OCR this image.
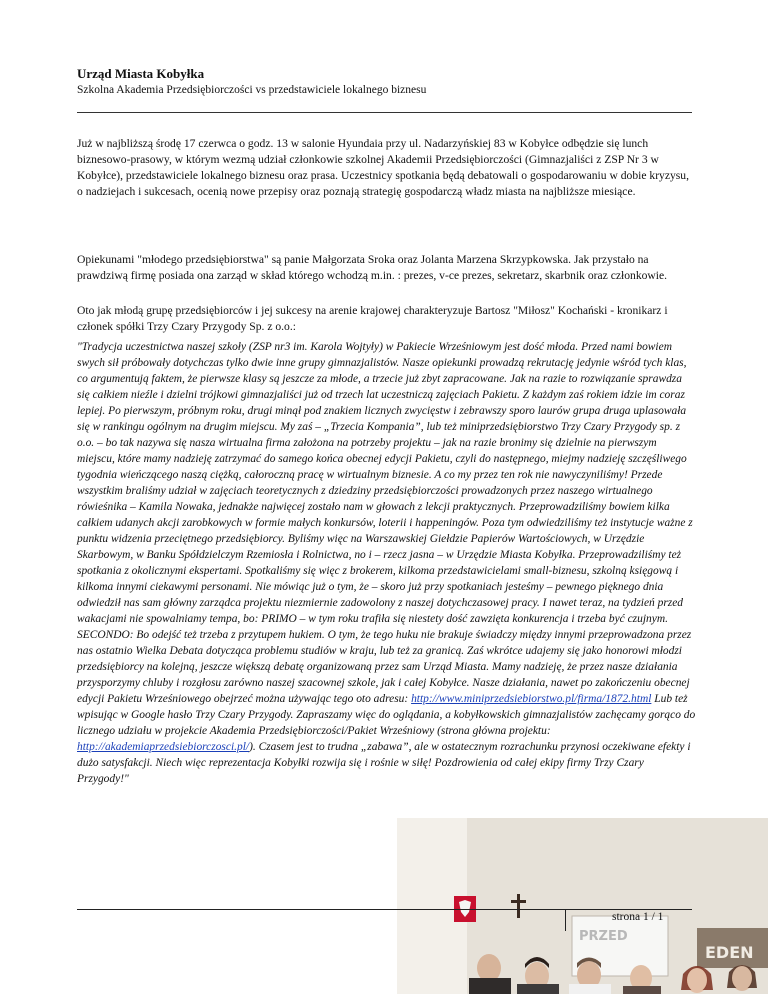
Urząd Miasta Kobyłka
Szkolna Akademia Przedsiębiorczości vs przedstawiciele lokalnego biznesu

Już w najbliższą środę 17 czerwca o godz. 13 w salonie Hyundaia przy ul. Nadarzyńskiej 83 w Kobyłce odbędzie się lunch biznesowo-prasowy, w którym wezmą udział członkowie szkolnej Akademii Przedsiębiorczości (Gimnazjaliści z ZSP Nr 3 w Kobyłce), przedstawiciele lokalnego biznesu oraz prasa. Uczestnicy spotkania będą debatowali o gospodarowaniu w dobie kryzysu, o nadziejach i sukcesach, ocenią nowe przepisy oraz poznają strategię gospodarczą władz miasta na najbliższe miesiące.

Opiekunami "młodego przedsiębiorstwa" są panie Małgorzata Sroka oraz Jolanta Marzena Skrzypkowska. Jak przystało na prawdziwą firmę posiada ona zarząd w skład którego wchodzą m.in. : prezes, v-ce prezes, sekretarz, skarbnik oraz członkowie.

Oto jak młodą grupę przedsiębiorców i jej sukcesy na arenie krajowej charakteryzuje Bartosz "Miłosz" Kochański - kronikarz i członek spółki Trzy Czary Przygody Sp. z o.o.:

"Tradycja uczestnictwa naszej szkoły (ZSP nr3 im. Karola Wojtyły) w Pakiecie Wrześniowym jest dość młoda. Przed nami bowiem swych sił próbowały dotychczas tylko dwie inne grupy gimnazjalistów. Nasze opiekunki prowadzą rekrutację jedynie wśród tych klas, co argumentują faktem, że pierwsze klasy są jeszcze za młode, a trzecie już zbyt zapracowane. Jak na razie to rozwiązanie sprawdza się całkiem nieźle i dzielni trójkowi gimnazjaliści już od trzech lat uczestniczą zajęciach Pakietu. Z każdym zaś rokiem idzie im coraz lepiej. Po pierwszym, próbnym roku, drugi minął pod znakiem licznych zwycięstw i zebrawszy sporo laurów grupa druga uplasowała się w rankingu ogólnym na drugim miejscu. My zaś – „Trzecia Kompania”, lub też miniprzedsiębiorstwo Trzy Czary Przygody sp. z o.o. – bo tak nazywa się nasza wirtualna firma założona na potrzeby projektu – jak na razie bronimy się dzielnie na pierwszym miejscu, które mamy nadzieję zatrzymać do samego końca obecnej edycji Pakietu, czyli do następnego, miejmy nadzieję szczęśliwego tygodnia wieńczącego naszą ciężką, całoroczną pracę w wirtualnym biznesie. A co my przez ten rok nie nawyczyniliśmy! Przede wszystkim braliśmy udział w zajęciach teoretycznych z dziedziny przedsiębiorczości prowadzonych przez naszego wirtualnego rówieśnika – Kamila Nowaka, jednakże najwięcej zostało nam w głowach z lekcji praktycznych. Przeprowadziliśmy bowiem kilka całkiem udanych akcji zarobkowych w formie małych konkursów, loterii i happeningów. Poza tym odwiedziliśmy też instytucje ważne z punktu widzenia przeciętnego przedsiębiorcy. Byliśmy więc na Warszawskiej Giełdzie Papierów Wartościowych, w Urzędzie Skarbowym, w Banku Spółdzielczym Rzemiosła i Rolnictwa, no i – rzecz jasna – w Urzędzie Miasta Kobyłka. Przeprowadziliśmy też spotkania z okolicznymi ekspertami. Spotkaliśmy się więc z brokerem, kilkoma przedstawicielami small-biznesu, szkolną księgową i kilkoma innymi ciekawymi personami. Nie mówiąc już o tym, że – skoro już przy spotkaniach jesteśmy – pewnego pięknego dnia odwiedził nas sam główny zarządca projektu niezmiernie zadowolony z naszej dotychczasowej pracy. I nawet teraz, na tydzień przed wakacjami nie spowalniamy tempa, bo: PRIMO – w tym roku trafiła się niestety dość zawzięta konkurencja i trzeba być czujnym. SECONDO: Bo odejść też trzeba z przytupem hukiem. O tym, że tego huku nie brakuje świadczy między innymi przeprowadzona przez nas ostatnio Wielka Debata dotycząca problemu studiów w kraju, lub też za granicą. Zaś wkrótce udajemy się jako honorowi młodzi przedsiębiorcy na kolejną, jeszcze większą debatę organizowaną przez sam Urząd Miasta. Mamy nadzieję, że przez nasze działania przysporzymy chluby i rozgłosu zarówno naszej szacownej szkole, jak i całej Kobyłce. Nasze działania, nawet po zakończeniu obecnej edycji Pakietu Wrześniowego obejrzeć można używając tego oto adresu: http://www.miniprzedsiebiorstwo.pl/firma/1872.html Lub też wpisując w Google hasło Trzy Czary Przygody. Zapraszamy więc do oglądania, a kobyłkowskich gimnazjalistów zachęcamy gorąco do licznego udziału w projekcie Akademia Przedsiębiorczości/Pakiet Wrześniowy (strona główna projektu: http://akademiaprzedsiebiorczosci.pl/). Czasem jest to trudna „zabawa”, ale w ostatecznym rozrachunku przynosi oczekiwane efekty i dużo satysfakcji. Niech więc reprezentacja Kobyłki rozwija się i rośnie w siłę! Pozdrowienia od całej ekipy firmy Trzy Czary Przygody!"

PRZED
EDEN
strona 1 / 1
